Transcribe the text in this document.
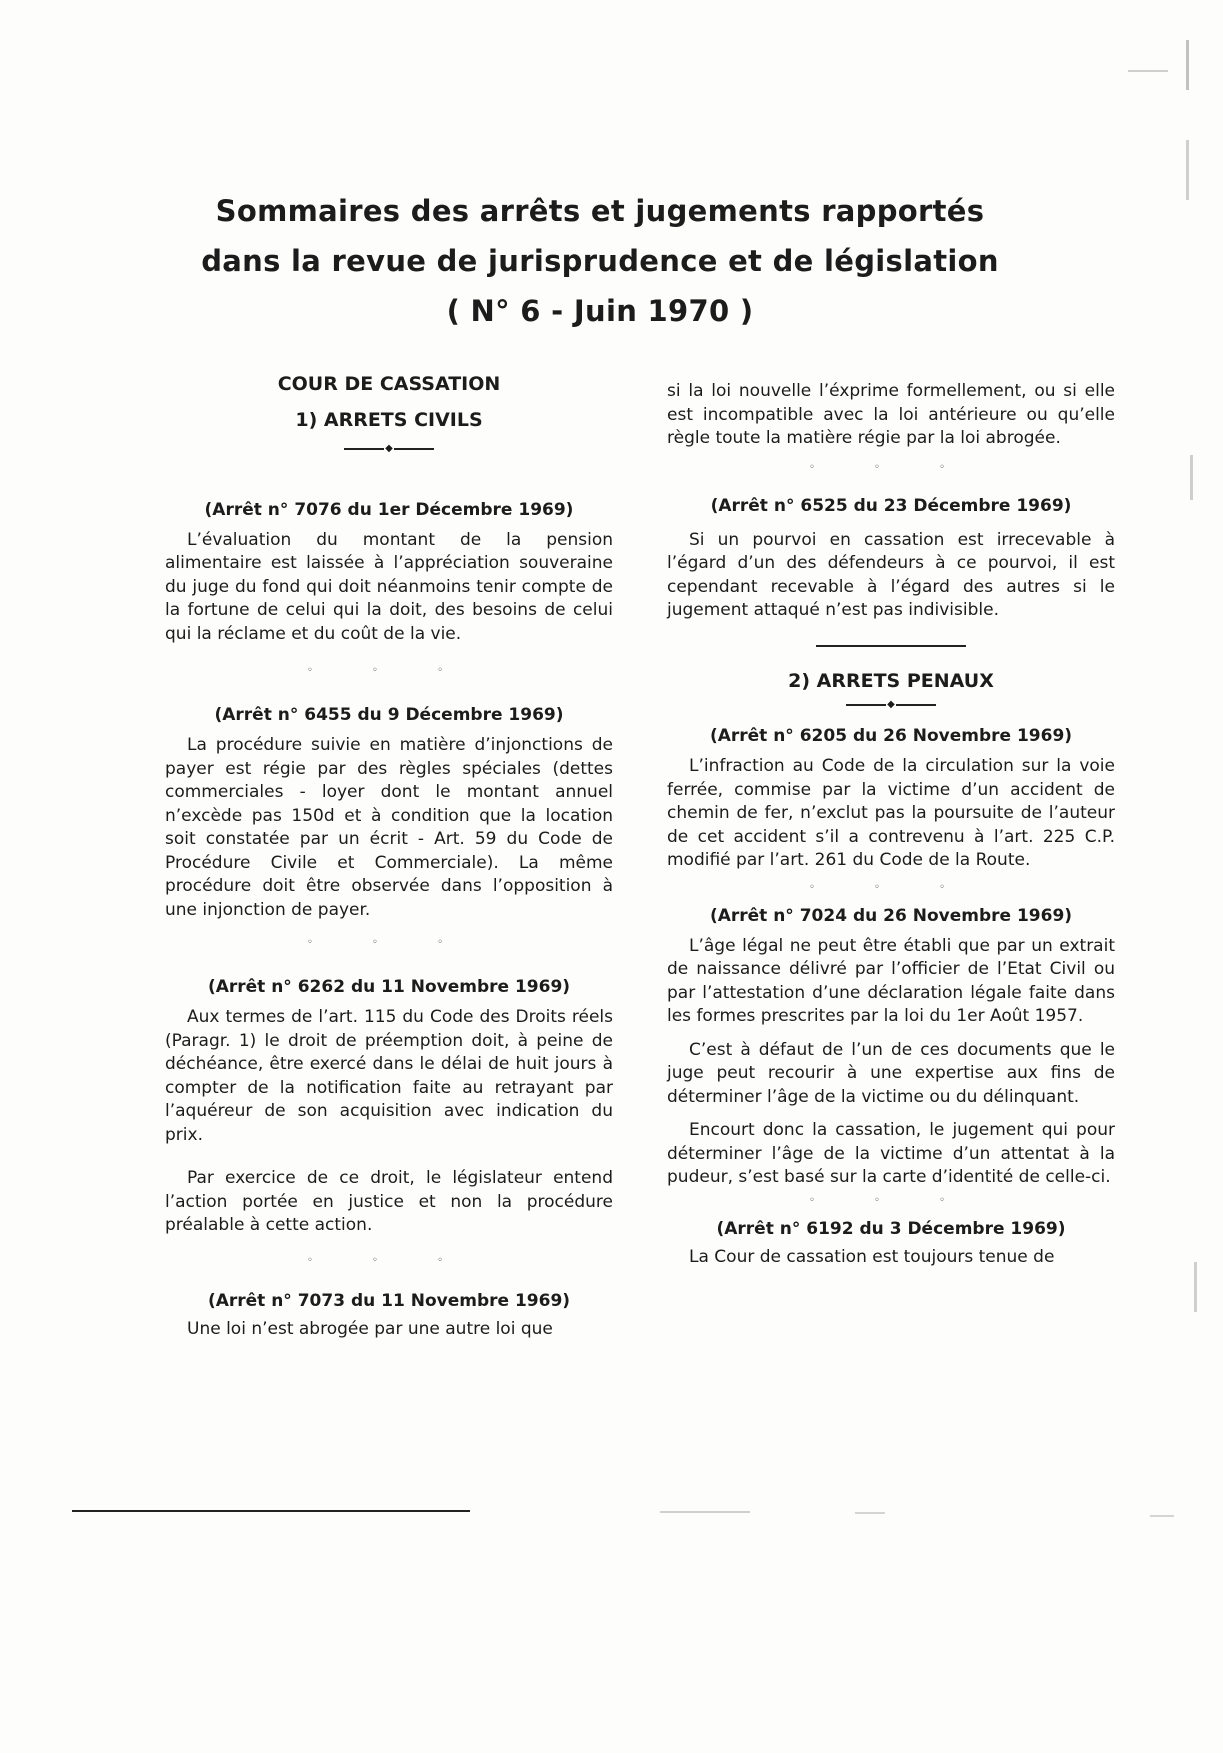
Sommaires des arrêts et jugements rapportés
dans la revue de jurisprudence et de législation
( N° 6 - Juin 1970 )
COUR DE CASSATION
1) ARRETS CIVILS
◆
(Arrêt n° 7076 du 1er Décembre 1969)

L’évaluation du montant de la pension alimentaire est laissée à l’appréciation souveraine du juge du fond qui doit néanmoins tenir compte de la fortune de celui qui la doit, des besoins de celui qui la réclame et du coût de la vie.

◦ ◦ ◦
(Arrêt n° 6455 du 9 Décembre 1969)

La procédure suivie en matière d’injonctions de payer est régie par des règles spéciales (dettes commerciales - loyer dont le montant annuel n’excède pas 150d et à condition que la location soit constatée par un écrit - Art. 59 du Code de Procédure Civile et Commerciale). La même procédure doit être observée dans l’opposition à une injonction de payer.

◦ ◦ ◦
(Arrêt n° 6262 du 11 Novembre 1969)

Aux termes de l’art. 115 du Code des Droits réels (Paragr. 1) le droit de préemption doit, à peine de déchéance, être exercé dans le délai de huit jours à compter de la notification faite au retrayant par l’aquéreur de son acquisition avec indication du prix.

Par exercice de ce droit, le législateur entend l’action portée en justice et non la procédure préalable à cette action.

◦ ◦ ◦
(Arrêt n° 7073 du 11 Novembre 1969)

Une loi n’est abrogée par une autre loi que

si la loi nouvelle l’éxprime formellement, ou si elle est incompatible avec la loi antérieure ou qu’elle règle toute la matière régie par la loi abrogée.

◦ ◦ ◦
(Arrêt n° 6525 du 23 Décembre 1969)

Si un pourvoi en cassation est irrecevable à l’égard d’un des défendeurs à ce pourvoi, il est cependant recevable à l’égard des autres si le jugement attaqué n’est pas indivisible.

2) ARRETS PENAUX
◆
(Arrêt n° 6205 du 26 Novembre 1969)

L’infraction au Code de la circulation sur la voie ferrée, commise par la victime d’un accident de chemin de fer, n’exclut pas la poursuite de l’auteur de cet accident s’il a contrevenu à l’art. 225 C.P. modifié par l’art. 261 du Code de la Route.

◦ ◦ ◦
(Arrêt n° 7024 du 26 Novembre 1969)

L’âge légal ne peut être établi que par un extrait de naissance délivré par l’officier de l’Etat Civil ou par l’attestation d’une déclaration légale faite dans les formes prescrites par la loi du 1er Août 1957.

C’est à défaut de l’un de ces documents que le juge peut recourir à une expertise aux fins de déterminer l’âge de la victime ou du délinquant.

Encourt donc la cassation, le jugement qui pour déterminer l’âge de la victime d’un attentat à la pudeur, s’est basé sur la carte d’identité de celle-ci.

◦ ◦ ◦
(Arrêt n° 6192 du 3 Décembre 1969)

La Cour de cassation est toujours tenue de
